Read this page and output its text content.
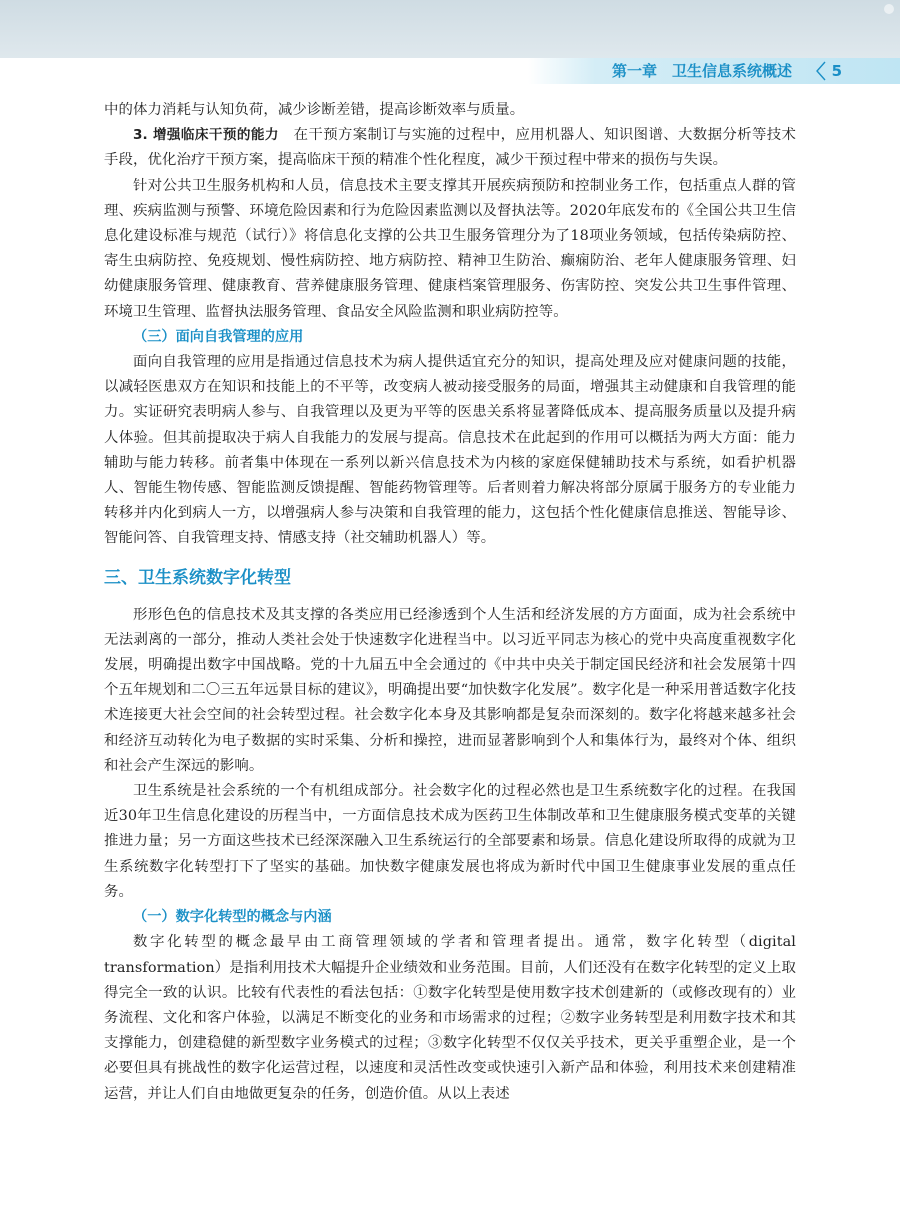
第一章　卫生信息系统概述	5

中的体力消耗与认知负荷，减少诊断差错，提高诊断效率与质量。

3. 增强临床干预的能力　 在干预方案制订与实施的过程中，应用机器人、知识图谱、大数据分析等技术手段，优化治疗干预方案，提高临床干预的精准个性化程度，减少干预过程中带来的损伤与失误。

针对公共卫生服务机构和人员，信息技术主要支撑其开展疾病预防和控制业务工作，包括重点人群的管理、疾病监测与预警、环境危险因素和行为危险因素监测以及督执法等。2020年底发布的《全国公共卫生信息化建设标准与规范（试行）》将信息化支撑的公共卫生服务管理分为了18项业务领域，包括传染病防控、寄生虫病防控、免疫规划、慢性病防控、地方病防控、精神卫生防治、癫痫防治、老年人健康服务管理、妇幼健康服务管理、健康教育、营养健康服务管理、健康档案管理服务、伤害防控、突发公共卫生事件管理、环境卫生管理、监督执法服务管理、食品安全风险监测和职业病防控等。

（三）面向自我管理的应用

面向自我管理的应用是指通过信息技术为病人提供适宜充分的知识，提高处理及应对健康问题的技能，以减轻医患双方在知识和技能上的不平等，改变病人被动接受服务的局面，增强其主动健康和自我管理的能力。实证研究表明病人参与、自我管理以及更为平等的医患关系将显著降低成本、提高服务质量以及提升病人体验。但其前提取决于病人自我能力的发展与提高。信息技术在此起到的作用可以概括为两大方面：能力辅助与能力转移。前者集中体现在一系列以新兴信息技术为内核的家庭保健辅助技术与系统，如看护机器人、智能生物传感、智能监测反馈提醒、智能药物管理等。后者则着力解决将部分原属于服务方的专业能力转移并内化到病人一方，以增强病人参与决策和自我管理的能力，这包括个性化健康信息推送、智能导诊、智能问答、自我管理支持、情感支持（社交辅助机器人）等。

三、卫生系统数字化转型

形形色色的信息技术及其支撑的各类应用已经渗透到个人生活和经济发展的方方面面，成为社会系统中无法剥离的一部分，推动人类社会处于快速数字化进程当中。以习近平同志为核心的党中央高度重视数字化发展，明确提出数字中国战略。党的十九届五中全会通过的《中共中央关于制定国民经济和社会发展第十四个五年规划和二〇三五年远景目标的建议》，明确提出要“加快数字化发展”。数字化是一种采用普适数字化技术连接更大社会空间的社会转型过程。社会数字化本身及其影响都是复杂而深刻的。数字化将越来越多社会和经济互动转化为电子数据的实时采集、分析和操控，进而显著影响到个人和集体行为，最终对个体、组织和社会产生深远的影响。

卫生系统是社会系统的一个有机组成部分。社会数字化的过程必然也是卫生系统数字化的过程。在我国近30年卫生信息化建设的历程当中，一方面信息技术成为医药卫生体制改革和卫生健康服务模式变革的关键推进力量；另一方面这些技术已经深深融入卫生系统运行的全部要素和场景。信息化建设所取得的成就为卫生系统数字化转型打下了坚实的基础。加快数字健康发展也将成为新时代中国卫生健康事业发展的重点任务。

（一）数字化转型的概念与内涵

数字化转型的概念最早由工商管理领域的学者和管理者提出。通常，数字化转型（digital transformation）是指利用技术大幅提升企业绩效和业务范围。目前，人们还没有在数字化转型的定义上取得完全一致的认识。比较有代表性的看法包括：①数字化转型是使用数字技术创建新的（或修改现有的）业务流程、文化和客户体验，以满足不断变化的业务和市场需求的过程；②数字业务转型是利用数字技术和其支撑能力，创建稳健的新型数字业务模式的过程；③数字化转型不仅仅关乎技术，更关乎重塑企业，是一个必要但具有挑战性的数字化运营过程，以速度和灵活性改变或快速引入新产品和体验，利用技术来创建精准运营，并让人们自由地做更复杂的任务，创造价值。从以上表述
